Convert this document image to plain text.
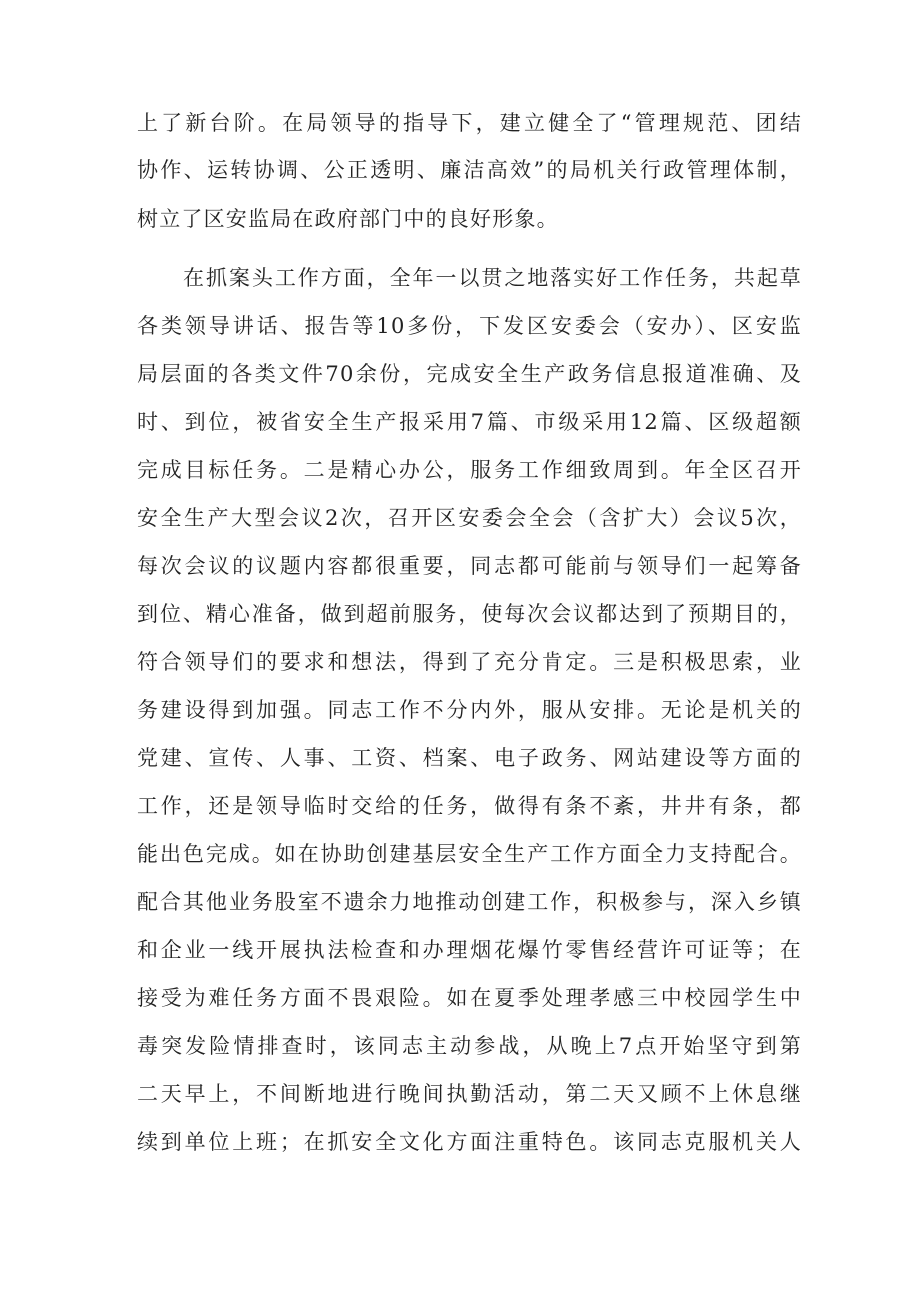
上了新台阶。在局领导的指导下，建立健全了“管理规范、团结
协作、运转协调、公正透明、廉洁高效”的局机关行政管理体制，
树立了区安监局在政府部门中的良好形象。
在抓案头工作方面，全年一以贯之地落实好工作任务，共起草
各类领导讲话、报告等10多份，下发区安委会（安办）、区安监
局层面的各类文件70余份，完成安全生产政务信息报道准确、及
时、到位，被省安全生产报采用7篇、市级采用12篇、区级超额
完成目标任务。二是精心办公，服务工作细致周到。年全区召开
安全生产大型会议2次，召开区安委会全会（含扩大）会议5次，
每次会议的议题内容都很重要，同志都可能前与领导们一起筹备
到位、精心准备，做到超前服务，使每次会议都达到了预期目的，
符合领导们的要求和想法，得到了充分肯定。三是积极思索，业
务建设得到加强。同志工作不分内外，服从安排。无论是机关的
党建、宣传、人事、工资、档案、电子政务、网站建设等方面的
工作，还是领导临时交给的任务，做得有条不紊，井井有条，都
能出色完成。如在协助创建基层安全生产工作方面全力支持配合。
配合其他业务股室不遗余力地推动创建工作，积极参与，深入乡镇
和企业一线开展执法检查和办理烟花爆竹零售经营许可证等；在
接受为难任务方面不畏艰险。如在夏季处理孝感三中校园学生中
毒突发险情排查时，该同志主动参战，从晚上7点开始坚守到第
二天早上，不间断地进行晚间执勤活动，第二天又顾不上休息继
续到单位上班；在抓安全文化方面注重特色。该同志克服机关人
